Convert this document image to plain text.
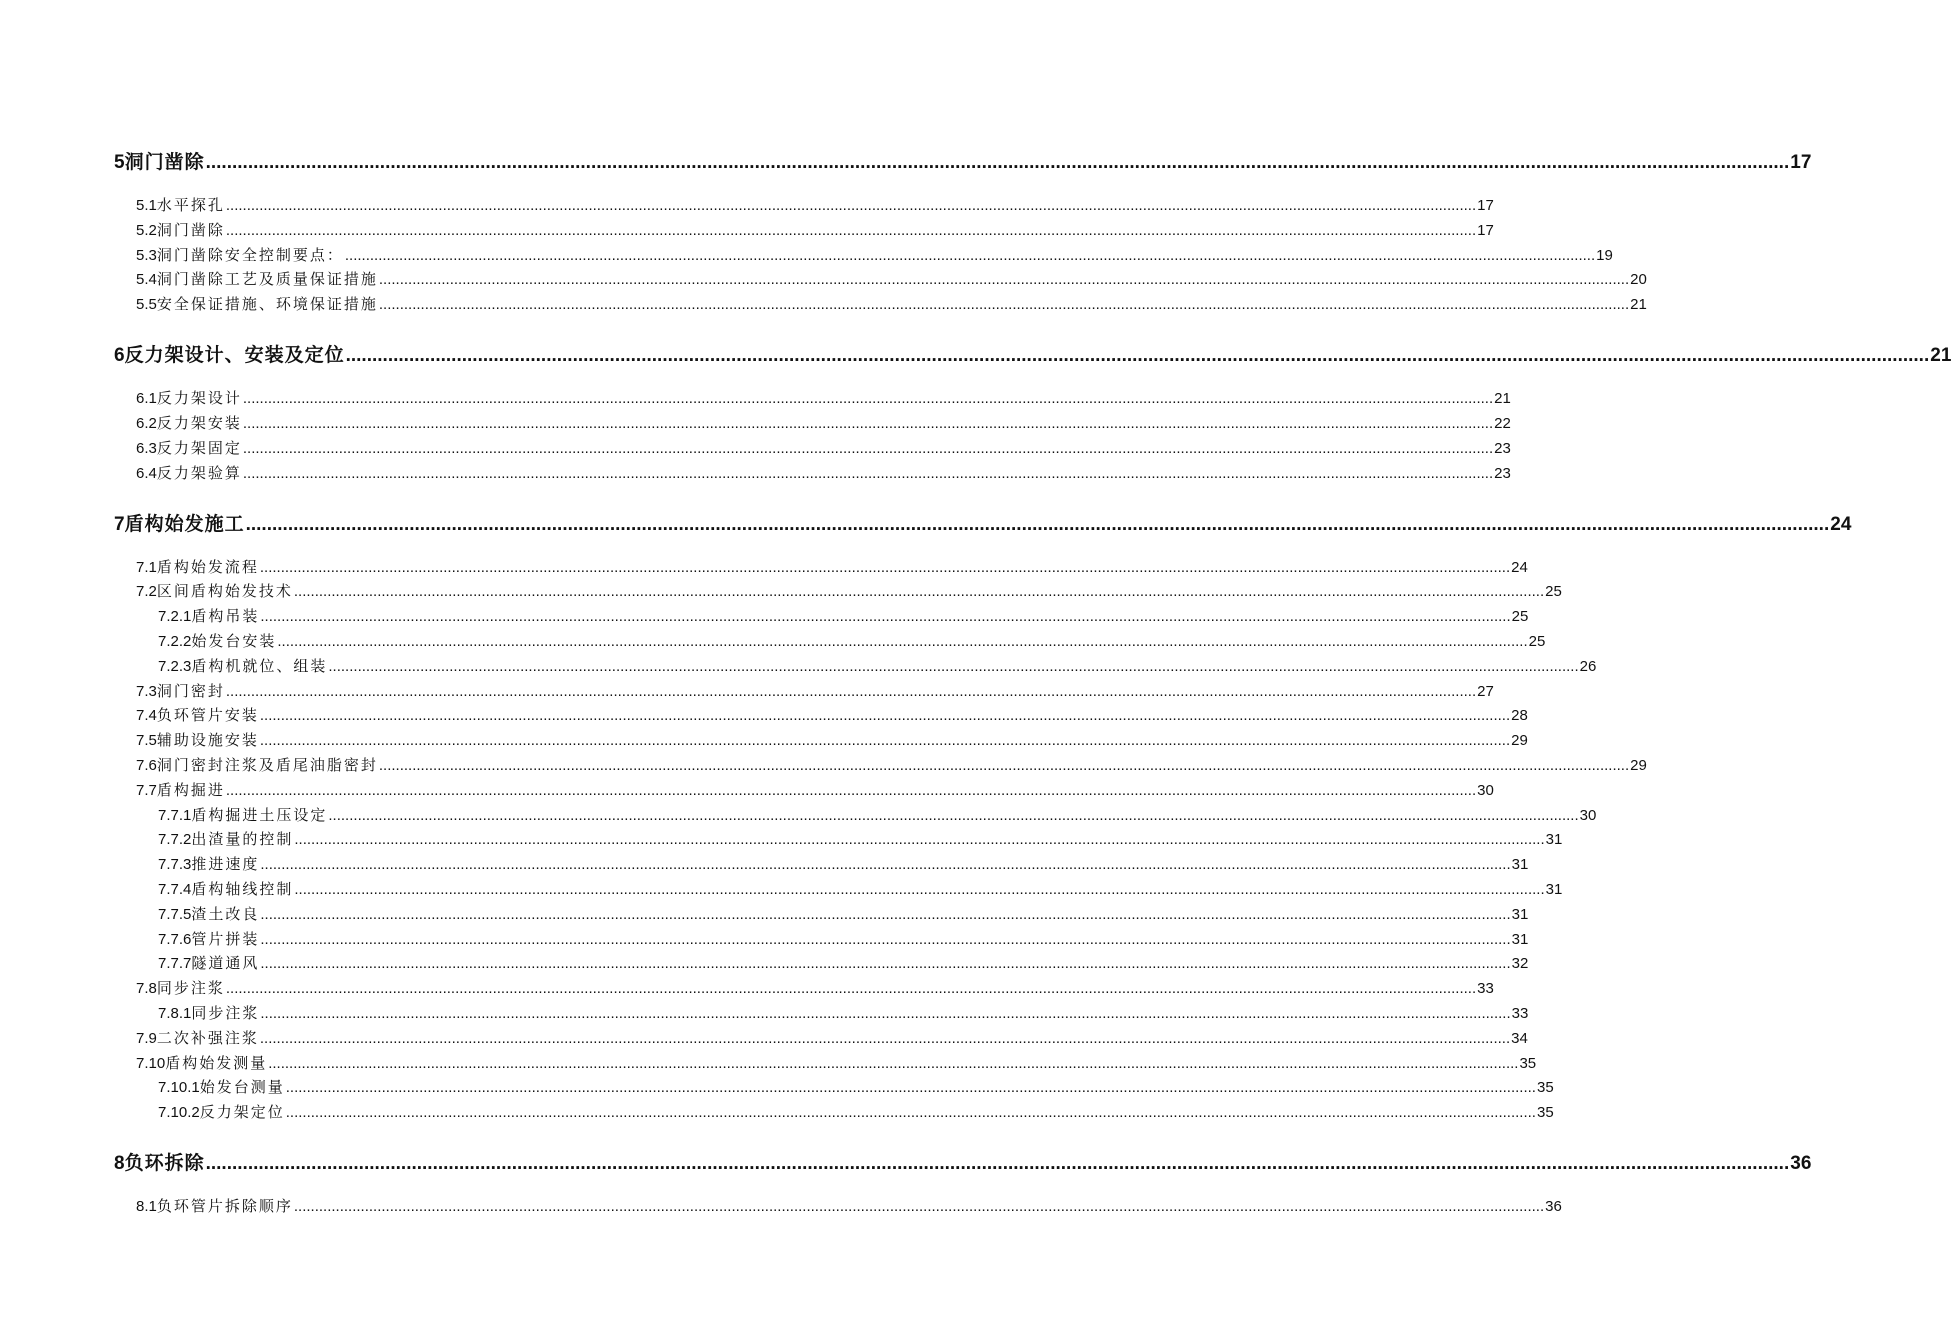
5 洞门凿除 ............................................................................................................................................................................................................................................................................................................ 17
5.1 水平探孔 ............................................................................................................................................................................................................................................................................................................ 17
5.2 洞门凿除 ............................................................................................................................................................................................................................................................................................................ 17
5.3 洞门凿除安全控制要点： ............................................................................................................................................................................................................................................................................................................ 19
5.4 洞门凿除工艺及质量保证措施 ............................................................................................................................................................................................................................................................................................................ 20
5.5 安全保证措施、环境保证措施 ............................................................................................................................................................................................................................................................................................................ 21
6 反力架设计、安装及定位 ............................................................................................................................................................................................................................................................................................................ 21
6.1 反力架设计 ............................................................................................................................................................................................................................................................................................................ 21
6.2 反力架安装 ............................................................................................................................................................................................................................................................................................................ 22
6.3 反力架固定 ............................................................................................................................................................................................................................................................................................................ 23
6.4 反力架验算 ............................................................................................................................................................................................................................................................................................................ 23
7 盾构始发施工 ............................................................................................................................................................................................................................................................................................................ 24
7.1 盾构始发流程 ............................................................................................................................................................................................................................................................................................................ 24
7.2 区间盾构始发技术 ............................................................................................................................................................................................................................................................................................................ 25
7.2.1 盾构吊装 ............................................................................................................................................................................................................................................................................................................ 25
7.2.2 始发台安装 ............................................................................................................................................................................................................................................................................................................ 25
7.2.3 盾构机就位、组装 ............................................................................................................................................................................................................................................................................................................ 26
7.3 洞门密封 ............................................................................................................................................................................................................................................................................................................ 27
7.4 负环管片安装 ............................................................................................................................................................................................................................................................................................................ 28
7.5 辅助设施安装 ............................................................................................................................................................................................................................................................................................................ 29
7.6 洞门密封注浆及盾尾油脂密封 ............................................................................................................................................................................................................................................................................................................ 29
7.7 盾构掘进 ............................................................................................................................................................................................................................................................................................................ 30
7.7.1 盾构掘进土压设定 ............................................................................................................................................................................................................................................................................................................ 30
7.7.2 出渣量的控制 ............................................................................................................................................................................................................................................................................................................ 31
7.7.3 推进速度 ............................................................................................................................................................................................................................................................................................................ 31
7.7.4 盾构轴线控制 ............................................................................................................................................................................................................................................................................................................ 31
7.7.5 渣土改良 ............................................................................................................................................................................................................................................................................................................ 31
7.7.6 管片拼装 ............................................................................................................................................................................................................................................................................................................ 31
7.7.7 隧道通风 ............................................................................................................................................................................................................................................................................................................ 32
7.8 同步注浆 ............................................................................................................................................................................................................................................................................................................ 33
7.8.1 同步注浆 ............................................................................................................................................................................................................................................................................................................ 33
7.9 二次补强注浆 ............................................................................................................................................................................................................................................................................................................ 34
7.10 盾构始发测量 ............................................................................................................................................................................................................................................................................................................ 35
7.10.1 始发台测量 ............................................................................................................................................................................................................................................................................................................ 35
7.10.2 反力架定位 ............................................................................................................................................................................................................................................................................................................ 35
8 负环拆除 ............................................................................................................................................................................................................................................................................................................ 36
8.1 负环管片拆除顺序 ............................................................................................................................................................................................................................................................................................................ 36
